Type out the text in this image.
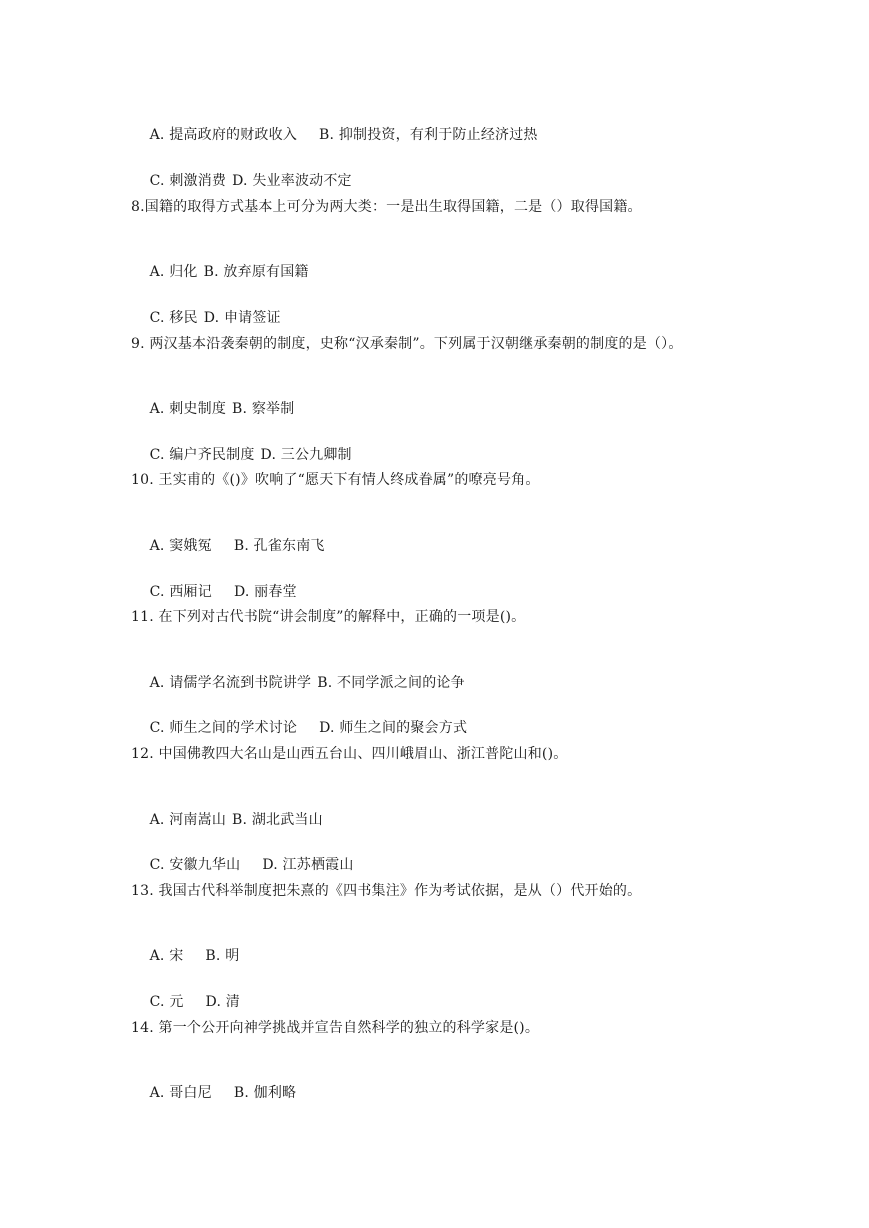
A. 提高政府的财政收入 B. 抑制投资，有利于防止经济过热

C. 刺激消费 D. 失业率波动不定

8.国籍的取得方式基本上可分为两大类：一是出生取得国籍，二是（）取得国籍。

A. 归化 B. 放弃原有国籍

C. 移民 D. 申请签证

9. 两汉基本沿袭秦朝的制度，史称“汉承秦制”。下列属于汉朝继承秦朝的制度的是（）。

A. 刺史制度 B. 察举制

C. 编户齐民制度 D. 三公九卿制

10. 王实甫的《()》吹响了“愿天下有情人终成眷属”的嘹亮号角。

A. 窦娥冤 B. 孔雀东南飞

C. 西厢记 D. 丽春堂

11. 在下列对古代书院“讲会制度”的解释中，正确的一项是()。

A. 请儒学名流到书院讲学 B. 不同学派之间的论争

C. 师生之间的学术讨论 D. 师生之间的聚会方式

12. 中国佛教四大名山是山西五台山、四川峨眉山、浙江普陀山和()。

A. 河南嵩山 B. 湖北武当山

C. 安徽九华山 D. 江苏栖霞山

13. 我国古代科举制度把朱熹的《四书集注》作为考试依据，是从（）代开始的。

A. 宋 B. 明

C. 元 D. 清

14. 第一个公开向神学挑战并宣告自然科学的独立的科学家是()。

A. 哥白尼 B. 伽利略
